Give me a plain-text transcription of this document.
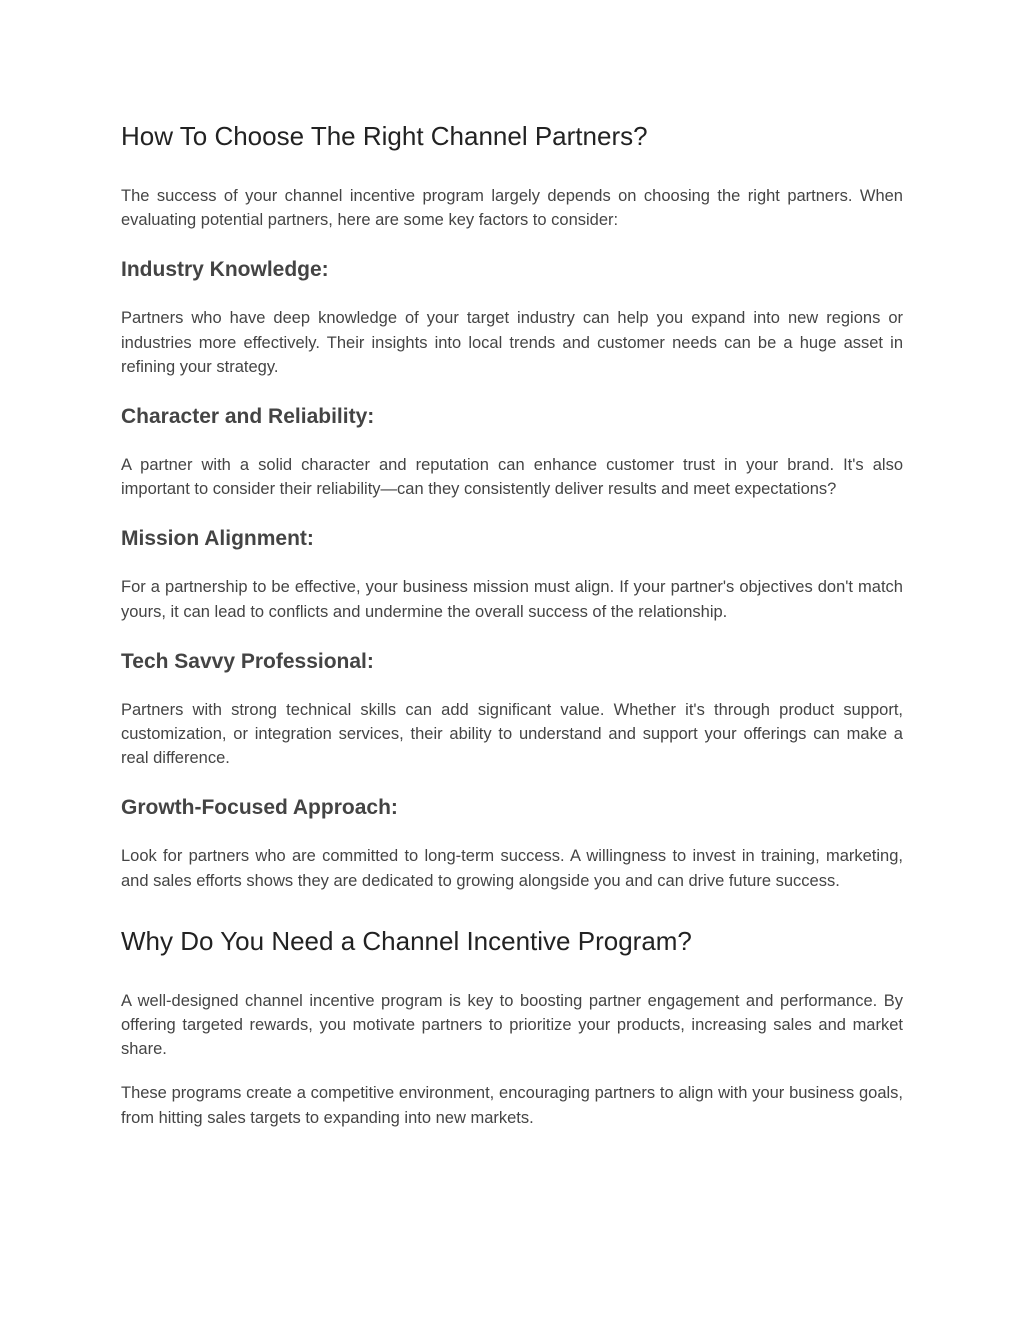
How To Choose The Right Channel Partners?

The success of your channel incentive program largely depends on choosing the right partners. When evaluating potential partners, here are some key factors to consider:

Industry Knowledge:

Partners who have deep knowledge of your target industry can help you expand into new regions or industries more effectively. Their insights into local trends and customer needs can be a huge asset in refining your strategy.

Character and Reliability:

A partner with a solid character and reputation can enhance customer trust in your brand. It's also important to consider their reliability—can they consistently deliver results and meet expectations?

Mission Alignment:

For a partnership to be effective, your business mission must align. If your partner's objectives don't match yours, it can lead to conflicts and undermine the overall success of the relationship.

Tech Savvy Professional:

Partners with strong technical skills can add significant value. Whether it's through product support, customization, or integration services, their ability to understand and support your offerings can make a real difference.

Growth-Focused Approach:

Look for partners who are committed to long-term success. A willingness to invest in training, marketing, and sales efforts shows they are dedicated to growing alongside you and can drive future success.

Why Do You Need a Channel Incentive Program?

A well-designed channel incentive program is key to boosting partner engagement and performance. By offering targeted rewards, you motivate partners to prioritize your products, increasing sales and market share.

These programs create a competitive environment, encouraging partners to align with your business goals, from hitting sales targets to expanding into new markets.
